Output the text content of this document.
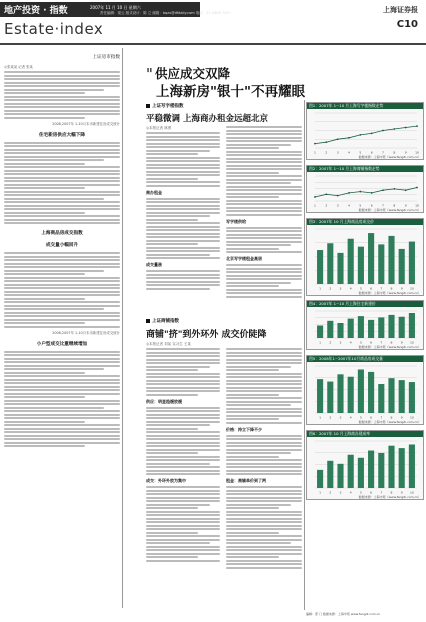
地产投资 · 指数	2007年 11 月 10 日 星期六
责任编辑：梁云 版式设计：陈 立 邮箱：bqzx@dfdaily.com 电话：21-2888 7007
Estate·index
上海证券报
C10
上证房市指数
◎张某某 记者 张某
2008,2007年 1-10月本市新建住房成交统计
住宅新房供应大幅下降
上海商品房成交指数
成交量小幅回升
2008,2007年 1-10月本市新建住房成交统计
小户型成交比重继续增加
" 供应成交双降
上海新房"银十"不再耀眼
上证写字楼指数
平稳微调 上海商办租金远超北京
◎本报记者 林勇
商办租金
成交量涨
写字楼供给
北京写字楼租金高居
上证商铺指数
商铺"挤"到外环外 成交价陡降
◎本报记者 刘某 实习生 王某
供应：明显趋缓放缓
成交：外环外放为集中
价格：持立下降不少
租金：商辅单价到了两
图1：2007年 1~10 月上海写字楼指数走势
1	2	3	4	5	6	7	8	9	10
数据来源：上海中原（www.fangdi.com.cn）
图2：2007年 1~10 月上海商铺指数走势
1	2	3	4	5	6	7	8	9	10
数据来源：上海中原（www.fangdi.com.cn）
图3：2007年 10 月上海商品房成交价
1	2	3	4	5	6	7	8	9 10
数据来源：上海中原（www.fangdi.com.cn）
图4：2007年 1~10 月上海住宅新建价
1	2	3	4	5	6	7	8	9 10
数据来源：上海中原（www.fangdi.com.cn）
图5：2008年1~2007年10月商品房成交量
1	2	3	4	5	6	7	8	9 10
数据来源：上海中原（www.fangdi.com.cn）
图6：2007年 10 月上海商办建成率
1	2	3	4	5	6	7	8	9 10
数据来源：上海中原（www.fangdi.com.cn）
编辑：部 门 数据来源：上海中原 www.fangdi.com.cn
